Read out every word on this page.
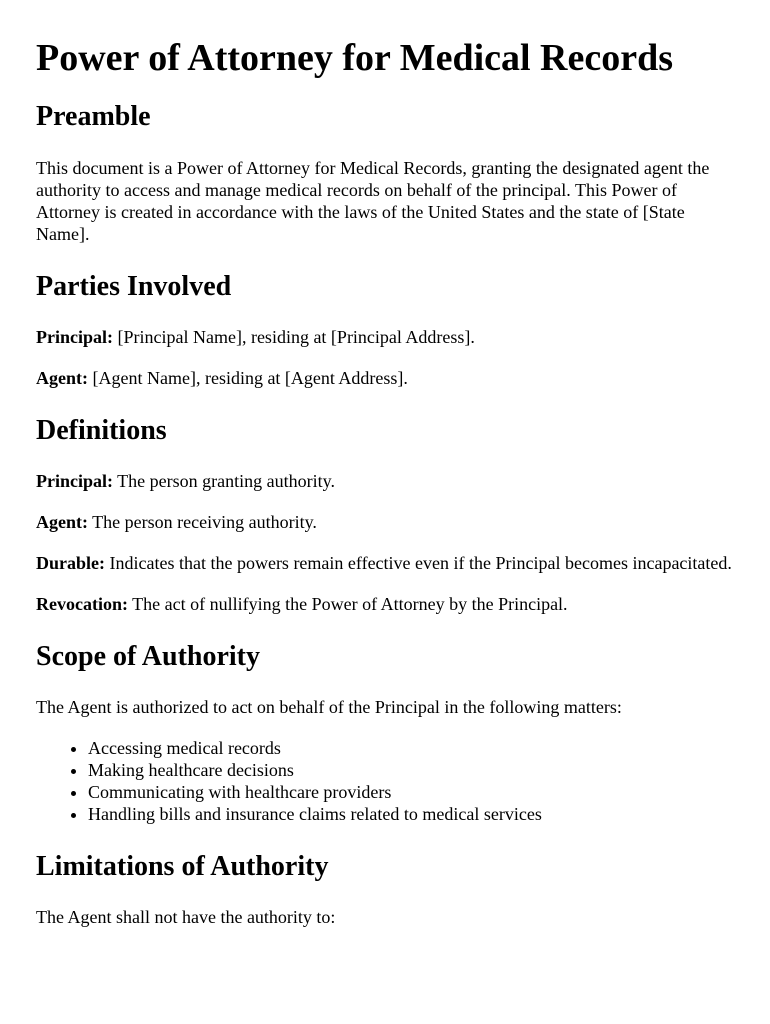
Power of Attorney for Medical Records
Preamble

This document is a Power of Attorney for Medical Records, granting the designated agent the authority to access and manage medical records on behalf of the principal. This Power of Attorney is created in accordance with the laws of the United States and the state of [State Name].

Parties Involved

Principal: [Principal Name], residing at [Principal Address].

Agent: [Agent Name], residing at [Agent Address].

Definitions

Principal: The person granting authority.

Agent: The person receiving authority.

Durable: Indicates that the powers remain effective even if the Principal becomes incapacitated.

Revocation: The act of nullifying the Power of Attorney by the Principal.

Scope of Authority

The Agent is authorized to act on behalf of the Principal in the following matters:

• Accessing medical records
• Making healthcare decisions
• Communicating with healthcare providers
• Handling bills and insurance claims related to medical services
Limitations of Authority

The Agent shall not have the authority to:
